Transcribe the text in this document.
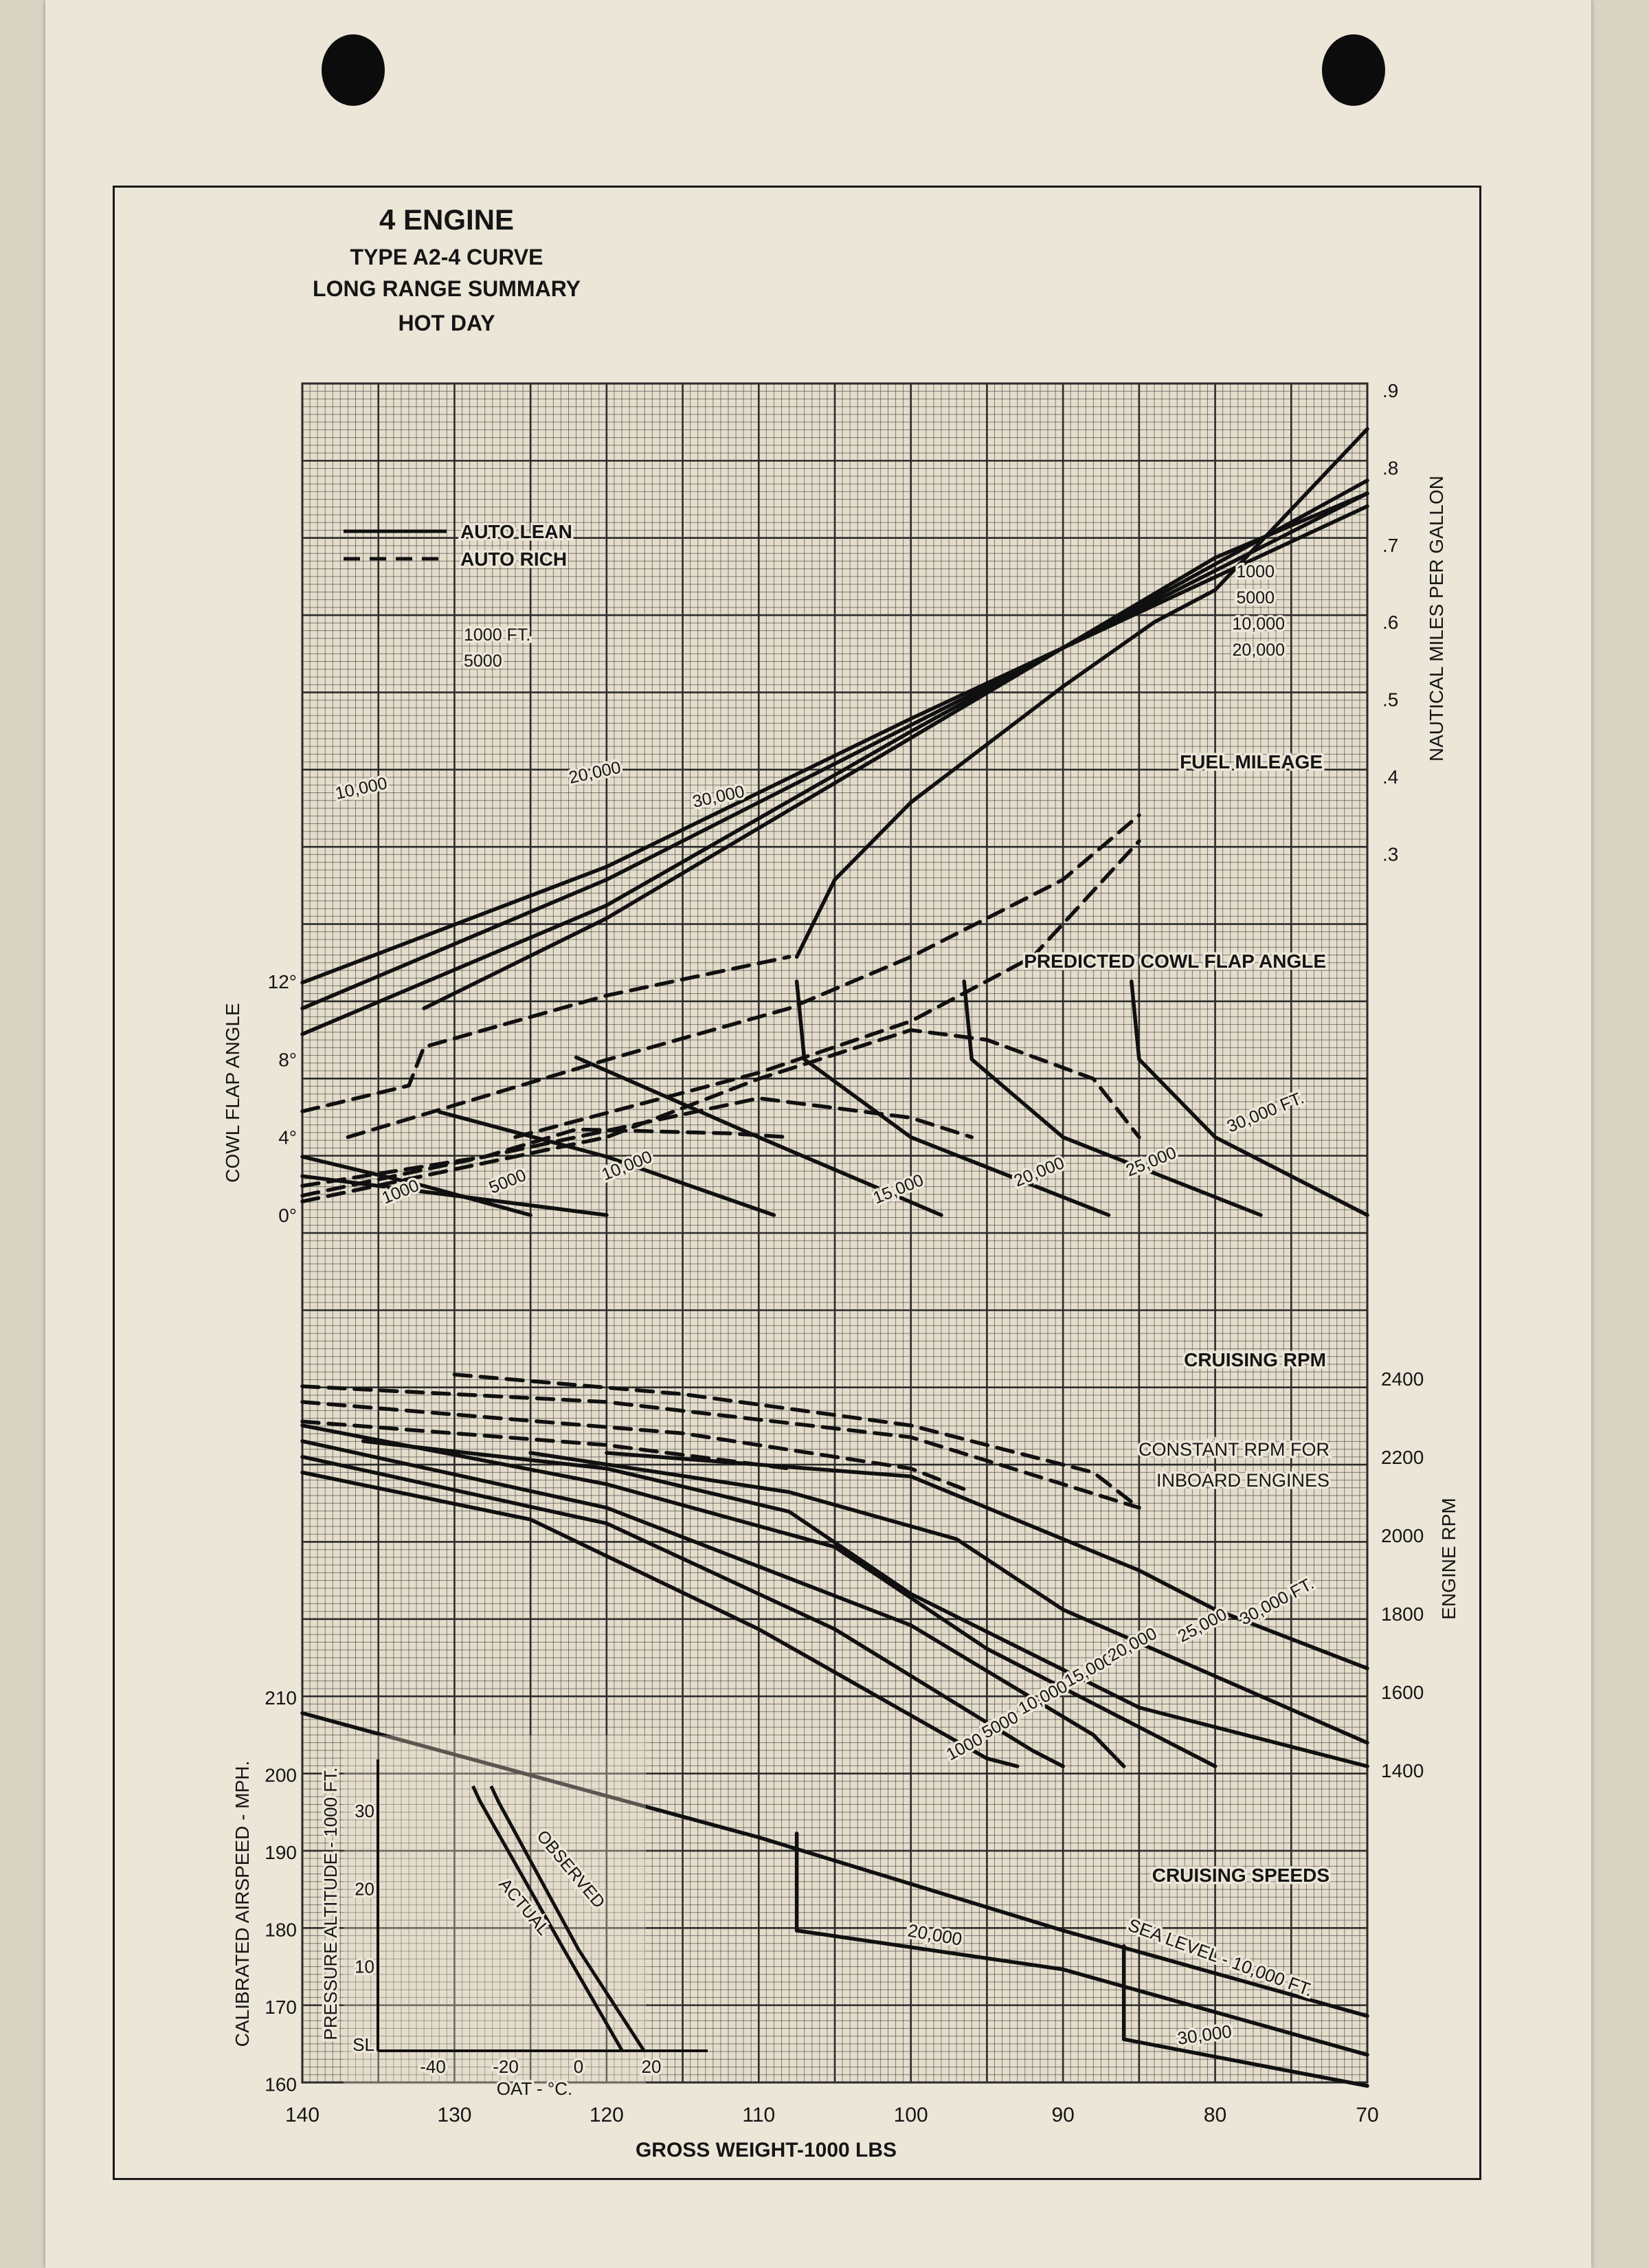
4 ENGINE
TYPE A2-4 CURVE
LONG RANGE SUMMARY
HOT DAY
.9
.8
.7
.6
.5
.4
.3
NAUTICAL MILES PER GALLON
FUEL MILEAGE
1000 FT.
5000
10,000
20,000
30,000
1000
5000
10,000
20,000
AUTO LEAN
AUTO RICH
12°
8°
4°
0°
COWL FLAP ANGLE
PREDICTED COWL FLAP ANGLE
1000	5000	10,000
15,000	20,000	25,000
30,000 FT.
2400
2200
2000
1800
1600
1400
ENGINE RPM
CRUISING RPM
CONSTANT RPM FOR
INBOARD ENGINES
1000
5000
10,000
15,000
20,000 25,000 30,000 FT.
210
200
190
180
170
160
CALIBRATED AIRSPEED - MPH.	CRUISING SPEEDS
SEA LEVEL - 10,000 FT.
20,000
30,000
30
20
10
SL
-40	-20	0	20
OAT - °C.
PRESSURE ALTITUDE - 1000 FT.	OBSERVED
ACTUAL
140	130	120	110	100	90	80	70
GROSS WEIGHT-1000 LBS
